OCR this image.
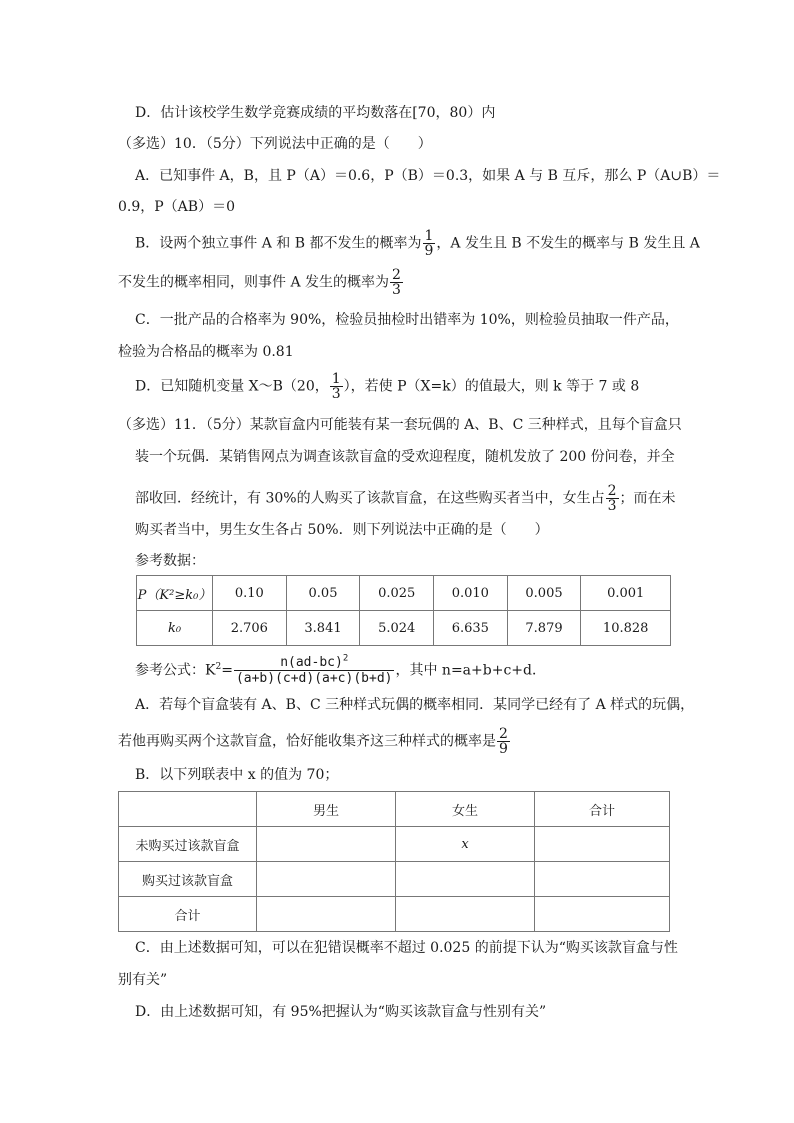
D．估计该校学生数学竞赛成绩的平均数落在[70，80）内
（多选）10．（5分）下列说法中正确的是（　　）
A．已知事件 A，B，且 P（A）＝0.6，P（B）＝0.3，如果 A 与 B 互斥，那么 P（A∪B）＝
0.9，P（AB）＝0
B．设两个独立事件 A 和 B 都不发生的概率为 $\frac{1}{9}$ ，A 发生且 B 不发生的概率与 B 发生且 A
不发生的概率相同，则事件 A 发生的概率为 $\frac{2}{3}$
C．一批产品的合格率为 90%，检验员抽检时出错率为 10%，则检验员抽取一件产品，
检验为合格品的概率为 0.81
D．已知随机变量 X～B（20， $\frac{1}{3}$ ），若使 P（X=k）的值最大，则 k 等于 7 或 8
（多选）11．（5分）某款盲盒内可能装有某一套玩偶的 A、B、C 三种样式，且每个盲盒只
装一个玩偶．某销售网点为调查该款盲盒的受欢迎程度，随机发放了 200 份问卷，并全
部收回．经统计，有 30%的人购买了该款盲盒，在这些购买者当中，女生占 $\frac{2}{3}$ ；而在未
购买者当中，男生女生各占 50%．则下列说法中正确的是（　　）
参考数据：
P（K²≥k₀）	0.10	0.05	0.025	0.010	0.005	0.001
k₀	2.706	3.841	5.024	6.635	7.879	10.828
参考公式：$K^2= \frac{n(ad-bc)^2}{(a+b)(c+d)(a+c)(b+d)}$ ，其中 n=a+b+c+d．
A．若每个盲盒装有 A、B、C 三种样式玩偶的概率相同．某同学已经有了 A 样式的玩偶，
若他再购买两个这款盲盒，恰好能收集齐这三种样式的概率是 $\frac{2}{9}$
B．以下列联表中 x 的值为 70；
	男生	女生	合计
未购买过该款盲盒		x	
购买过该款盲盒			
合计			
C．由上述数据可知，可以在犯错误概率不超过 0.025 的前提下认为“购买该款盲盒与性
别有关”
D．由上述数据可知，有 95%把握认为“购买该款盲盒与性别有关”
